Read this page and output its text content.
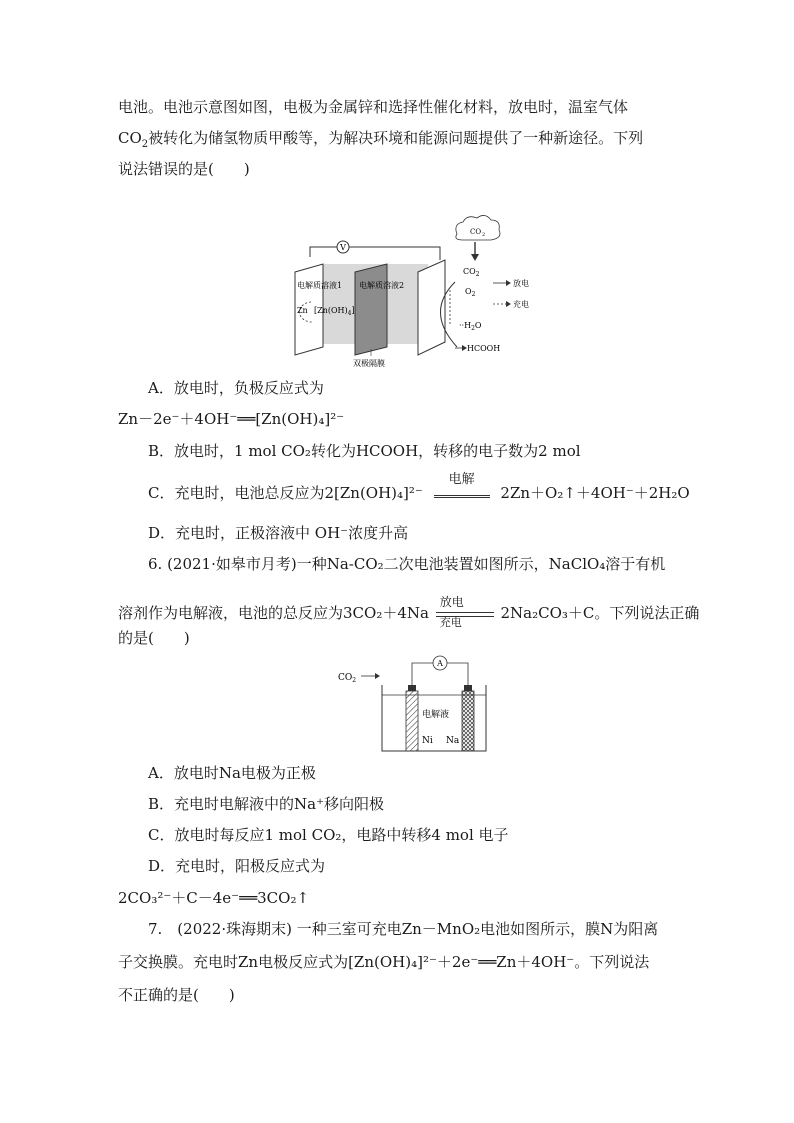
电池。电池示意图如图，电极为金属锌和选择性催化材料，放电时，温室气体
$CO_2$被转化为储氢物质甲酸等，为解决环境和能源问题提供了一种新途径。下列
说法错误的是(　　)
V
电解质溶液1 电解质溶液2
Zn $[Zn(OH)_4]$
CO 2
$CO_2$
$O_2$
$\cdot\cdot H_2O$
HCOOH
放电
充电
双极隔膜
A．放电时，负极反应式为
Zn－2e⁻＋4OH⁻══[Zn(OH)₄]²⁻
B．放电时，1 mol CO₂转化为HCOOH，转移的电子数为2 mol
C．充电时，电池总反应为2[Zn(OH)₄]²⁻
电解
2Zn＋O₂↑＋4OH⁻＋2H₂O
D．充电时，正极溶液中 OH⁻浓度升高
6. (2021·如皋市月考)一种Na-CO₂二次电池装置如图所示，NaClO₄溶于有机
溶剂作为电解液，电池的总反应为3CO₂＋4Na
放电
充电
2Na₂CO₃＋C。下列说法正确
的是(　　)
$CO_2$
A
电解液
Ni Na
A．放电时Na电极为正极
B．充电时电解液中的Na⁺移向阳极
C．放电时每反应1 mol CO₂，电路中转移4 mol 电子
D．充电时，阳极反应式为
2CO₃²⁻＋C－4e⁻══3CO₂↑
7.　(2022·珠海期末) 一种三室可充电Zn－MnO₂电池如图所示，膜N为阳离
子交换膜。充电时Zn电极反应式为[Zn(OH)₄]²⁻＋2e⁻══Zn＋4OH⁻。下列说法
不正确的是(　　)
